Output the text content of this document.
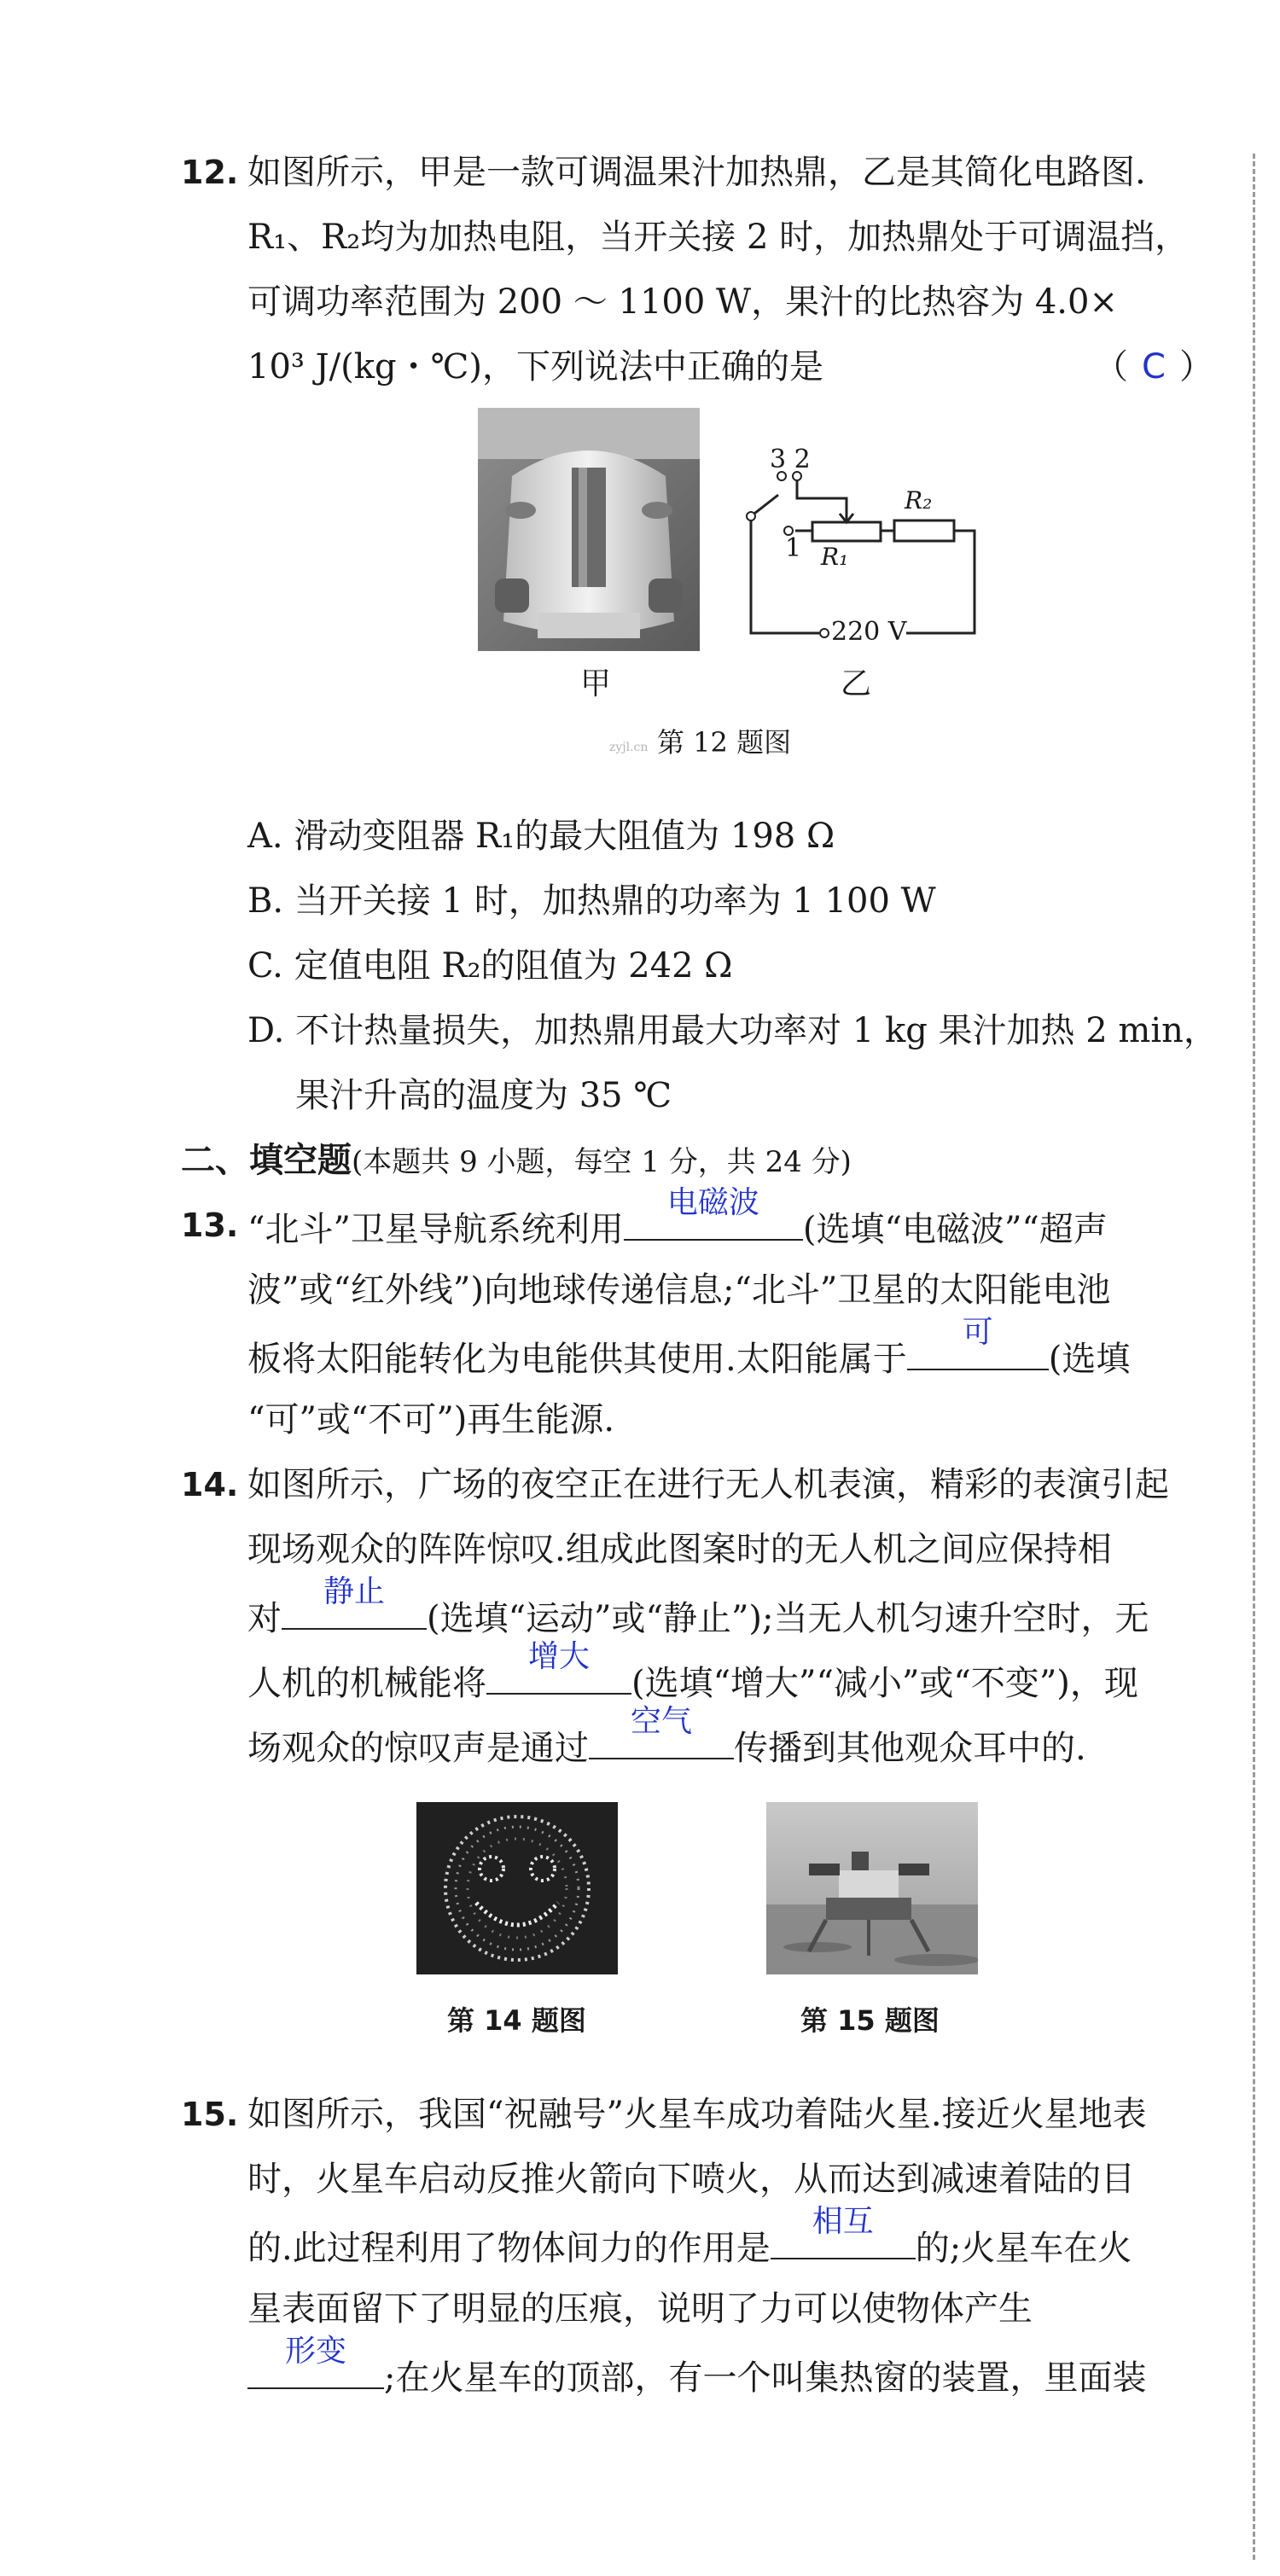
12. 如图所示，甲是一款可调温果汁加热鼎，乙是其简化电路图.
R₁、R₂均为加热电阻，当开关接 2 时，加热鼎处于可调温挡，
可调功率范围为 200 ～ 1100 W，果汁的比热容为 4.0×
10³ J/(kg・℃)，下列说法中正确的是	（ C ）
3 2
1 R₁
R₂
220 V
甲	乙
zyjl.cn 第 12 题图
A. 滑动变阻器 R₁的最大阻值为 198 Ω
B. 当开关接 1 时，加热鼎的功率为 1 100 W
C. 定值电阻 R₂的阻值为 242 Ω
D. 不计热量损失，加热鼎用最大功率对 1 kg 果汁加热 2 min，
果汁升高的温度为 35 ℃
二、填空题(本题共 9 小题，每空 1 分，共 24 分)
13. “北斗”卫星导航系统利用
电磁波
(选填“电磁波”“超声
波”或“红外线”)向地球传递信息;“北斗”卫星的太阳能电池
板将太阳能转化为电能供其使用.太阳能属于
可
(选填
“可”或“不可”)再生能源.
14. 如图所示，广场的夜空正在进行无人机表演，精彩的表演引起
现场观众的阵阵惊叹.组成此图案时的无人机之间应保持相
对
静止
(选填“运动”或“静止”);当无人机匀速升空时，无
人机的机械能将
增大
(选填“增大”“减小”或“不变”)，现
场观众的惊叹声是通过
空气
传播到其他观众耳中的.
第 14 题图	第 15 题图
15. 如图所示，我国“祝融号”火星车成功着陆火星.接近火星地表
时，火星车启动反推火箭向下喷火，从而达到减速着陆的目
的.此过程利用了物体间力的作用是
相互
的;火星车在火
星表面留下了明显的压痕，说明了力可以使物体产生
形变
;在火星车的顶部，有一个叫集热窗的装置，里面装
